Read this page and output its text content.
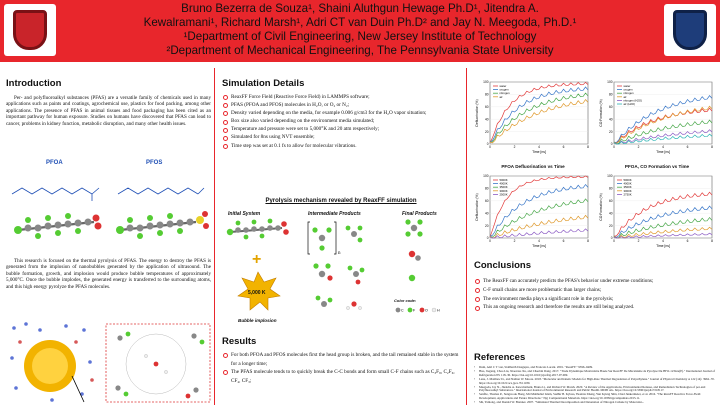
Bruno Bezerra de Souza¹, Shaini Aluthgun Hewage Ph.D¹, Jitendra A.
Kewalramani¹, Richard Marsh¹, Adri CT van Duin Ph.D² and Jay N. Meegoda, Ph.D.¹
¹Department of Civil Engineering, New Jersey Institute of Technology
²Department of Mechanical Engineering, The Pennsylvania State University
Introduction
Per- and polyfluoroalkyl substances (PFAS) are a versatile family of chemicals used in many applications such as paints and coatings, agrochemical use, plastics for food packing, among other applications. The presence of PFAS in animal tissues and food packaging has been cited as an important pathway for human exposure. Studies on humans have discovered that PFAS can lead to cancer, problems in kidney function, metabolic disruption, and many other health issues.
PFOA	PFOS
This research is focused on the thermal pyrolysis of PFAS. The energy to destroy the PFAS is generated from the implosion of nanobubbles generated by the application of ultrasound. The bubble formation, growth, and implosion would produce bubble temperatures of approximately 5,000°C. Once the bubble implodes, the generated energy is transferred to the surrounding atoms, and this high energy pyrolyze the PFAS molecules.
Simulation Details
ReaxFF Force Field (Reactive Force Field) in LAMMPS software;
PFAS (PFOA and PFOS) molecules in H₂O, or O₂ or N₂;
Density varied depending on the media, for example 0.006 g/cm3 for the H₂O vapor situation;
Box size also varied depending on the environment media simulated;
Temperature and pressure were set to 5,000°K and 20 atm respectively;
Simulated for 8ns using NVT ensemble;
Time step was set at 0.1 fs to allow for molecular vibrations.
Pyrolysis mechanism revealed by ReaxFF simulation
Initial System	Intermediate Products	Final Products
+
5,000 K
Bubble implosion
n
Color code:
C	F	O	H
Results
For both PFOA and PFOS molecules first the head group is broken, and the tail remained stable in the system for a longer time;
The PFAS molecule tends to to quickly break the C-C bonds and form small C-F chains such as C₃F₈, C₂F₆, CF₄, CF₃;
0
20
40
60
80
100
0	2	4	6	8
Time [ns]
Defluorination (%)
water
oxygen
nitrogen
air
0
20
40
60
80
100
0	2	4	6	8
Time [ns]
CO Formation (%)
water
oxygen
nitrogen
air
nitrogen (H2O)
air (H2O)
PFOA Defluorination vs Time	PFOA, CO Formation vs Time
0
20
40
60
80
100
0	2	4	6	8
Time [ns]
Defluorination (%)
5000K
4000K
3500K
3000K
2500K
0
20
40
60
80
100
0	2	4	6	8
Time [ns]
CO Formation (%)
5000K
4000K
3500K
3000K
2750K
Conclusions
The ReaxFF can accurately predicts the PFAS's behavior under extreme conditions;
C-F small chains are more problematic than larger chains;
The environment media plays a significant role in the pyrolysis;
This an ongoing research and therefore the results are still being analyzed.
References
• Duin, Adri C T van, Siddharth Dasgupta, and Francois Lorant. 2001. "ReaxFF." 9396–9409.
• Huo, Jiegang, Chao Liu, Xiaoxiao Xu, and Chaobin Dang. 2017. "Trade Dynamique Moléculaire Basée Sur ReaxFF De Mécanisme de Pyrolyse Du HFO-1234ze(E)." International Journal of Refrigeration 83: 118–30. https://doi.org/10.1016/j.ijrefrig.2017.07.009.
• Lane, J. Matthew D., and Nathan W. Moore. 2018. "Molecular and Kinetic Models for High-Rate Thermal Degradation of Polyethylene." Journal of Physical Chemistry A 122 (14): 3962–70. https://doi.org/10.1021/acs.jpca.7b11180.
• Meegoda, Jay N., Jitendra A. Kewalramani, Bruno Li, and Richard W. Marsh. 2020. "A Review of the Applications, Environmental Release, and Remediation Technologies of per-and Polyfluoroalkyl Substances." International Journal of Environmental Research and Public Health. MDPI AG. https://doi.org/10.3390/ijerph17218117.
• Senftle, Thomas P., Sungwook Hong, Md Mahbubul Islam, Sudhir B. Kylasa, Yuanxia Zheng, Yun Kyung Shin, Chad Junkermeier, et al. 2016. "The ReaxFF Reactive Force-Field: Development, Applications and Future Directions." Npj Computational Materials. https://doi.org/10.1038/npjcompumats.2015.11.
• Shi, Yanlong, and Donald W. Brenner. 2007. "Simulated Thermal Decomposition and Detonation of Nitrogen Cubane by Molecular...
